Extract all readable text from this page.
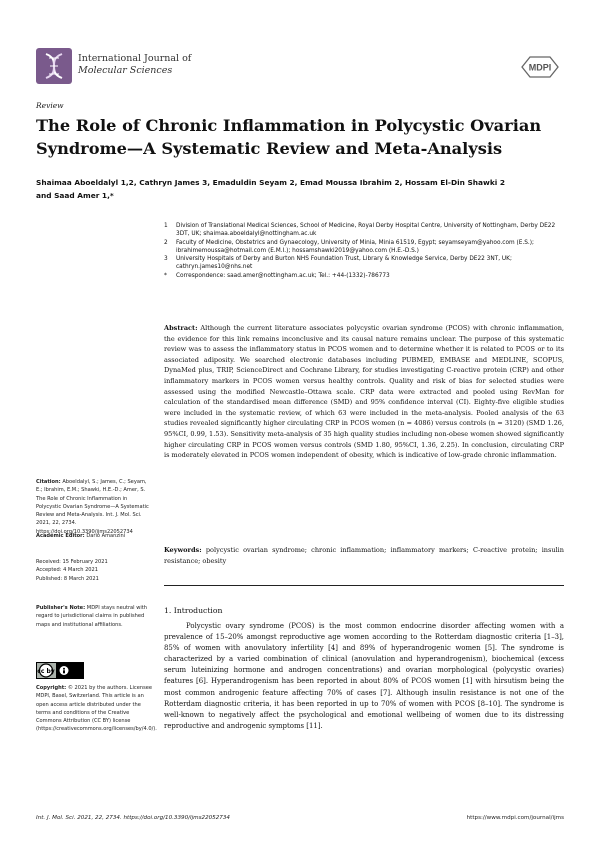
International Journal of
Molecular Sciences	MDPI
Review
The Role of Chronic Inflammation in Polycystic Ovarian Syndrome—A Systematic Review and Meta-Analysis
Shaimaa Aboeldalyl 1,2, Cathryn James 3, Emaduldin Seyam 2, Emad Moussa Ibrahim 2, Hossam El-Din Shawki 2
and Saad Amer 1,*
1	Division of Translational Medical Sciences, School of Medicine, Royal Derby Hospital Centre, University of Nottingham, Derby DE22 3DT, UK; shaimaa.aboeldalyl@nottingham.ac.uk
2	Faculty of Medicine, Obstetrics and Gynaecology, University of Minia, Minia 61519, Egypt; seyamseyam@yahoo.com (E.S.); ibrahimemoussa@hotmail.com (E.M.I.); hossamshawki2019@yahoo.com (H.E.-D.S.)
3	University Hospitals of Derby and Burton NHS Foundation Trust, Library & Knowledge Service, Derby DE22 3NT, UK; cathryn.james10@nhs.net
*	Correspondence: saad.amer@nottingham.ac.uk; Tel.: +44-(1332)-786773
Abstract: Although the current literature associates polycystic ovarian syndrome (PCOS) with chronic inflammation, the evidence for this link remains inconclusive and its causal nature remains unclear. The purpose of this systematic review was to assess the inflammatory status in PCOS women and to determine whether it is related to PCOS or to its associated adiposity. We searched electronic databases including PUBMED, EMBASE and MEDLINE, SCOPUS, DynaMed plus, TRIP, ScienceDirect and Cochrane Library, for studies investigating C-reactive protein (CRP) and other inflammatory markers in PCOS women versus healthy controls. Quality and risk of bias for selected studies were assessed using the modified Newcastle–Ottawa scale. CRP data were extracted and pooled using RevMan for calculation of the standardised mean difference (SMD) and 95% confidence interval (CI). Eighty-five eligible studies were included in the systematic review, of which 63 were included in the meta-analysis. Pooled analysis of the 63 studies revealed significantly higher circulating CRP in PCOS women (n = 4086) versus controls (n = 3120) (SMD 1.26, 95%CI, 0.99, 1.53). Sensitivity meta-analysis of 35 high quality studies including non-obese women showed significantly higher circulating CRP in PCOS women versus controls (SMD 1.80, 95%CI, 1.36, 2.25). In conclusion, circulating CRP is moderately elevated in PCOS women independent of obesity, which is indicative of low-grade chronic inflammation.
Keywords: polycystic ovarian syndrome; chronic inflammation; inflammatory markers; C-reactive protein; insulin resistance; obesity
1. Introduction
Polycystic ovary syndrome (PCOS) is the most common endocrine disorder affecting women with a prevalence of 15–20% amongst reproductive age women according to the Rotterdam diagnostic criteria [1–3], 85% of women with anovulatory infertility [4] and 89% of hyperandrogenic women [5]. The syndrome is characterized by a varied combination of clinical (anovulation and hyperandrogenism), biochemical (excess serum luteinizing hormone and androgen concentrations) and ovarian morphological (polycystic ovaries) features [6]. Hyperandrogenism has been reported in about 80% of PCOS women [1] with hirsutism being the most common androgenic feature affecting 70% of cases [7]. Although insulin resistance is not one of the Rotterdam diagnostic criteria, it has been reported in up to 70% of women with PCOS [8–10]. The syndrome is well-known to negatively affect the psychological and emotional wellbeing of women due to its distressing reproductive and androgenic symptoms [11].
Citation: Aboeldalyl, S.; James, C.; Seyam, E.; Ibrahim, E.M.; Shawki, H.E.-D.; Amer, S. The Role of Chronic Inflammation in Polycystic Ovarian Syndrome—A Systematic Review and Meta-Analysis. Int. J. Mol. Sci. 2021, 22, 2734. https://doi.org/10.3390/ijms22052734
Academic Editor: Dario Amanzini
Received: 15 February 2021
Accepted: 4 March 2021
Published: 8 March 2021
Publisher's Note: MDPI stays neutral with regard to jurisdictional claims in published maps and institutional affiliations.
cc by
Copyright: © 2021 by the authors. Licensee MDPI, Basel, Switzerland. This article is an open access article distributed under the terms and conditions of the Creative Commons Attribution (CC BY) license (https://creativecommons.org/licenses/by/4.0/).
Int. J. Mol. Sci. 2021, 22, 2734. https://doi.org/10.3390/ijms22052734	https://www.mdpi.com/journal/ijms
